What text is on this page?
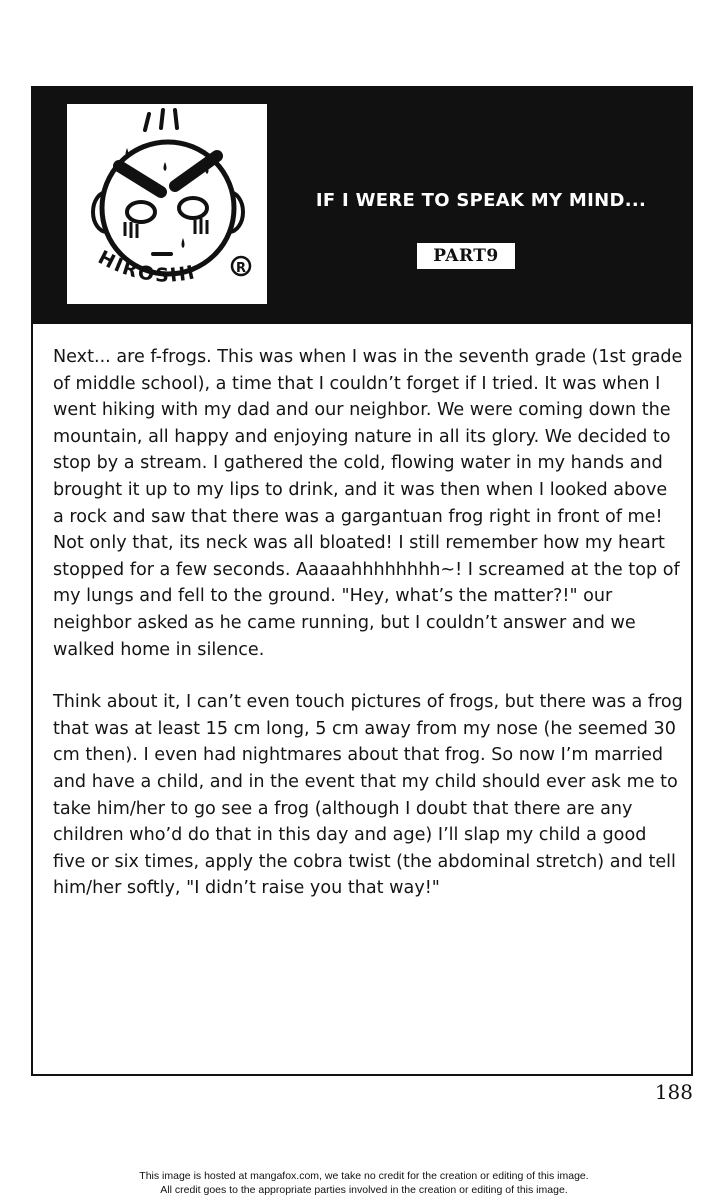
HIROSHI	R
IF I WERE TO SPEAK MY MIND...
PART9

Next... are f-frogs. This was when I was in the seventh grade (1st grade of middle school), a time that I couldn’t forget if I tried. It was when I went hiking with my dad and our neighbor. We were coming down the mountain, all happy and enjoying nature in all its glory. We decided to stop by a stream. I gathered the cold, flowing water in my hands and brought it up to my lips to drink, and it was then when I looked above a rock and saw that there was a gargantuan frog right in front of me! Not only that, its neck was all bloated! I still remember how my heart stopped for a few seconds. Aaaaahhhhhhhh~! I screamed at the top of my lungs and fell to the ground. "Hey, what’s the matter?!" our neighbor asked as he came running, but I couldn’t answer and we walked home in silence.

Think about it, I can’t even touch pictures of frogs, but there was a frog that was at least 15 cm long, 5 cm away from my nose (he seemed 30 cm then). I even had nightmares about that frog. So now I’m married and have a child, and in the event that my child should ever ask me to take him/her to go see a frog (although I doubt that there are any children who’d do that in this day and age) I’ll slap my child a good five or six times, apply the cobra twist (the abdominal stretch) and tell him/her softly, "I didn’t raise you that way!"

188
This image is hosted at mangafox.com, we take no credit for the creation or editing of this image.
All credit goes to the appropriate parties involved in the creation or editing of this image.
